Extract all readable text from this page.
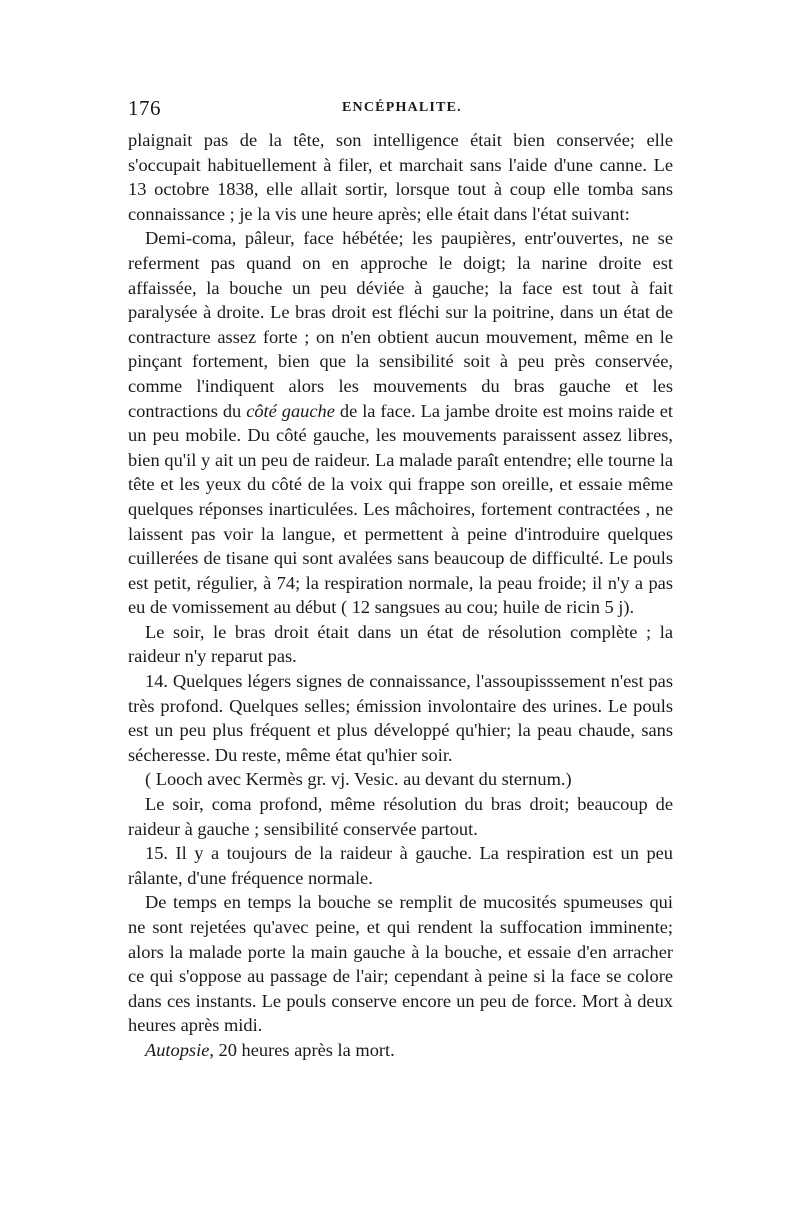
176	ENCÉPHALITE.

plaignait pas de la tête, son intelligence était bien conservée; elle s'occupait habituellement à filer, et marchait sans l'aide d'une canne. Le 13 octobre 1838, elle allait sortir, lorsque tout à coup elle tomba sans connaissance ; je la vis une heure après; elle était dans l'état suivant:

Demi-coma, pâleur, face hébétée; les paupières, entr'ouvertes, ne se referment pas quand on en approche le doigt; la narine droite est affaissée, la bouche un peu déviée à gauche; la face est tout à fait paralysée à droite. Le bras droit est fléchi sur la poitrine, dans un état de contracture assez forte ; on n'en obtient aucun mouvement, même en le pinçant fortement, bien que la sensibilité soit à peu près conservée, comme l'indiquent alors les mouvements du bras gauche et les contractions du côté gauche de la face. La jambe droite est moins raide et un peu mobile. Du côté gauche, les mouvements paraissent assez libres, bien qu'il y ait un peu de raideur. La malade paraît entendre; elle tourne la tête et les yeux du côté de la voix qui frappe son oreille, et essaie même quelques réponses inarticulées. Les mâchoires, fortement contractées , ne laissent pas voir la langue, et permettent à peine d'introduire quelques cuillerées de tisane qui sont avalées sans beaucoup de difficulté. Le pouls est petit, régulier, à 74; la respiration normale, la peau froide; il n'y a pas eu de vomissement au début ( 12 sangsues au cou; huile de ricin 5 j).

Le soir, le bras droit était dans un état de résolution complète ; la raideur n'y reparut pas.

14. Quelques légers signes de connaissance, l'assoupisssement n'est pas très profond. Quelques selles; émission involontaire des urines. Le pouls est un peu plus fréquent et plus développé qu'hier; la peau chaude, sans sécheresse. Du reste, même état qu'hier soir.

( Looch avec Kermès gr. vj. Vesic. au devant du sternum.)

Le soir, coma profond, même résolution du bras droit; beaucoup de raideur à gauche ; sensibilité conservée partout.

15. Il y a toujours de la raideur à gauche. La respiration est un peu râlante, d'une fréquence normale.

De temps en temps la bouche se remplit de mucosités spumeuses qui ne sont rejetées qu'avec peine, et qui rendent la suffocation imminente; alors la malade porte la main gauche à la bouche, et essaie d'en arracher ce qui s'oppose au passage de l'air; cependant à peine si la face se colore dans ces instants. Le pouls conserve encore un peu de force. Mort à deux heures après midi.

Autopsie, 20 heures après la mort.
